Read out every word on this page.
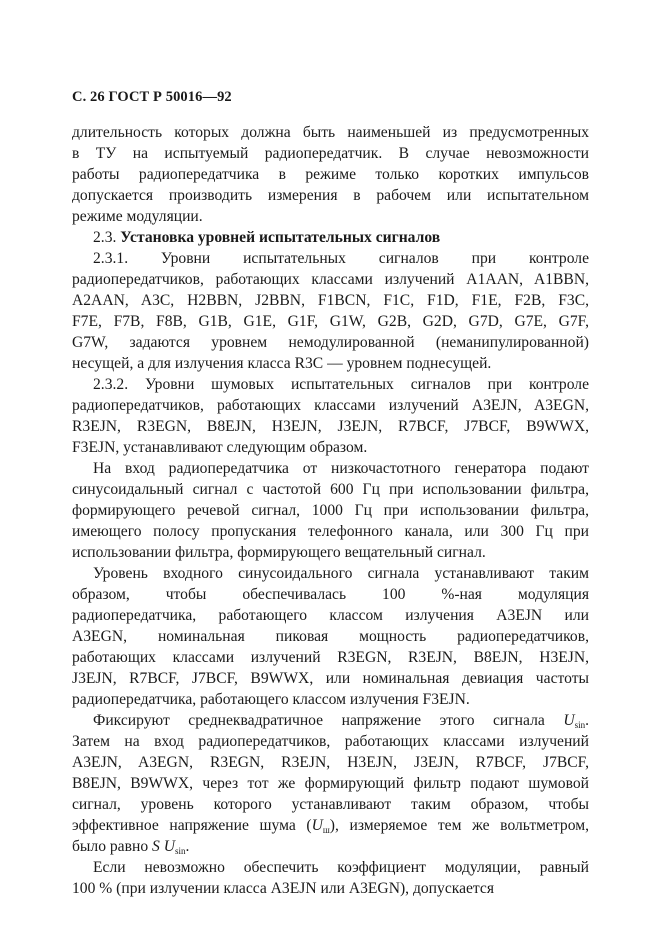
С. 26 ГОСТ Р 50016—92
длительность которых должна быть наименьшей из предусмотренных
в ТУ на испытуемый радиопередатчик. В случае невозможности
работы радиопередатчика в режиме только коротких импульсов
допускается производить измерения в рабочем или испытательном
режиме модуляции.
2.3. Установка уровней испытательных сигналов
2.3.1. Уровни испытательных сигналов при контроле
радиопередатчиков, работающих классами излучений A1AAN, A1BBN,
A2AAN, A3C, H2BBN, J2BBN, F1BCN, F1C, F1D, F1E, F2B, F3C,
F7E, F7B, F8B, G1B, G1E, G1F, G1W, G2B, G2D, G7D, G7E, G7F,
G7W, задаются уровнем немодулированной (неманипулированной)
несущей, а для излучения класса R3C — уровнем поднесущей.
2.3.2. Уровни шумовых испытательных сигналов при контроле
радиопередатчиков, работающих классами излучений A3EJN, A3EGN,
R3EJN, R3EGN, B8EJN, H3EJN, J3EJN, R7BCF, J7BCF, B9WWX,
F3EJN, устанавливают следующим образом.
На вход радиопередатчика от низкочастотного генератора подают
синусоидальный сигнал с частотой 600 Гц при использовании фильтра,
формирующего речевой сигнал, 1000 Гц при использовании фильтра,
имеющего полосу пропускания телефонного канала, или 300 Гц при
использовании фильтра, формирующего вещательный сигнал.
Уровень входного синусоидального сигнала устанавливают таким
образом, чтобы обеспечивалась 100 %-ная модуляция
радиопередатчика, работающего классом излучения A3EJN или
A3EGN, номинальная пиковая мощность радиопередатчиков,
работающих классами излучений R3EGN, R3EJN, B8EJN, H3EJN,
J3EJN, R7BCF, J7BCF, B9WWX, или номинальная девиация частоты
радиопередатчика, работающего классом излучения F3EJN.
Фиксируют среднеквадратичное напряжение этого сигнала $U_{sin}$.
Затем на вход радиопередатчиков, работающих классами излучений
A3EJN, A3EGN, R3EGN, R3EJN, H3EJN, J3EJN, R7BCF, J7BCF,
B8EJN, B9WWX, через тот же формирующий фильтр подают шумовой
сигнал, уровень которого устанавливают таким образом, чтобы
эффективное напряжение шума $(U_ш)$, измеряемое тем же вольтметром,
было равно S $U_{sin}$.
Если невозможно обеспечить коэффициент модуляции, равный
100 % (при излучении класса A3EJN или A3EGN), допускается
